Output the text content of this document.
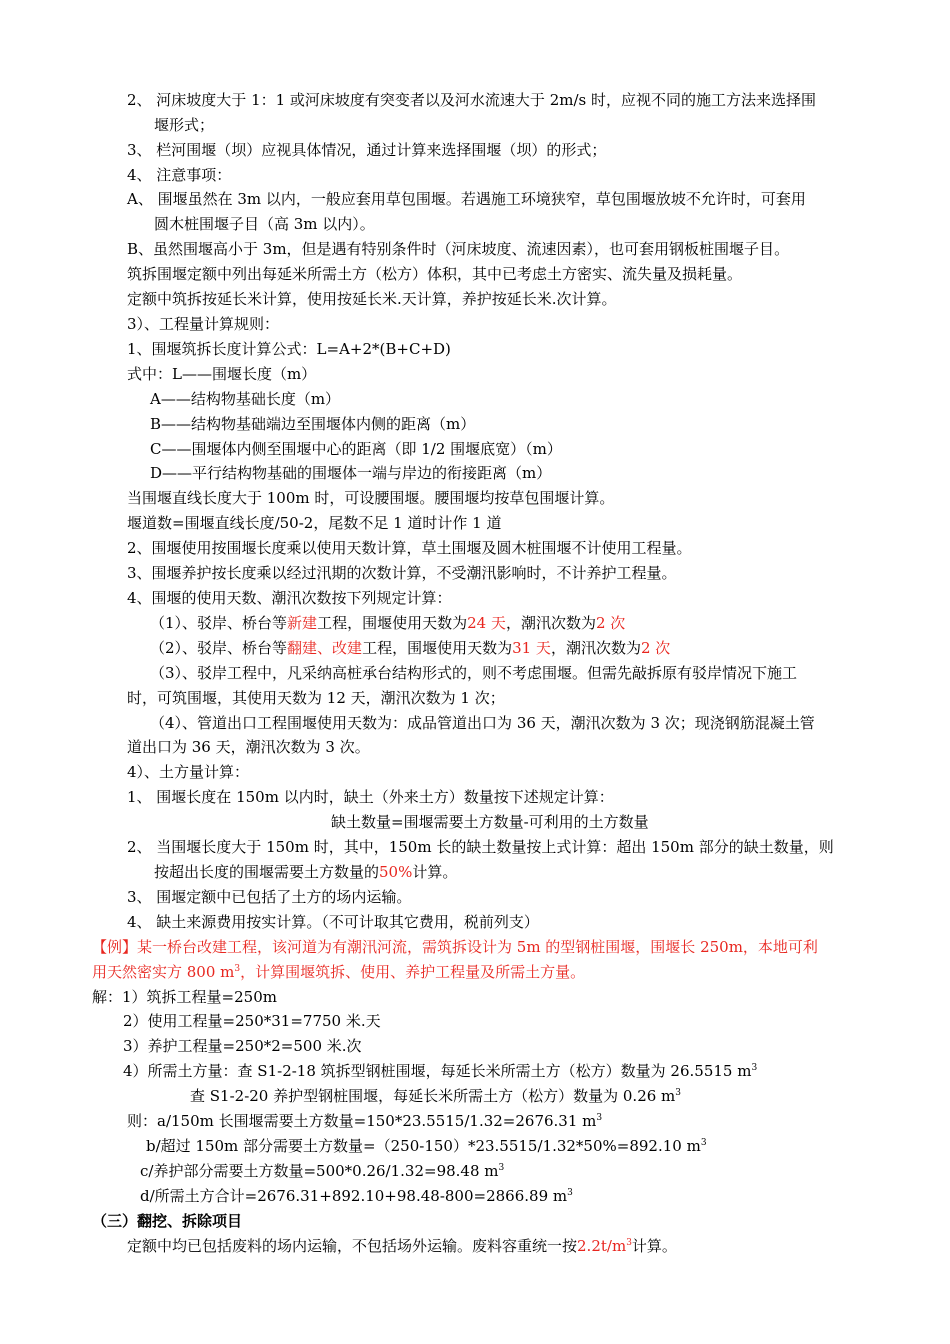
2、 河床坡度大于 1：1 或河床坡度有突变者以及河水流速大于 2m/s 时，应视不同的施工方法来选择围
堰形式；
3、 栏河围堰（坝）应视具体情况，通过计算来选择围堰（坝）的形式；
4、 注意事项：
A、 围堰虽然在 3m 以内，一般应套用草包围堰。若遇施工环境狭窄，草包围堰放坡不允许时，可套用
圆木桩围堰子目（高 3m 以内）。
B、虽然围堰高小于 3m，但是遇有特别条件时（河床坡度、流速因素），也可套用钢板桩围堰子目。
筑拆围堰定额中列出每延米所需土方（松方）体积，其中已考虑土方密实、流失量及损耗量。
定额中筑拆按延长米计算，使用按延长米.天计算，养护按延长米.次计算。
3）、工程量计算规则：
1、围堰筑拆长度计算公式：L=A+2*(B+C+D)
式中：L——围堰长度（m）
A——结构物基础长度（m）
B——结构物基础端边至围堰体内侧的距离（m）
C——围堰体内侧至围堰中心的距离（即 1/2 围堰底宽）（m）
D——平行结构物基础的围堰体一端与岸边的衔接距离（m）
当围堰直线长度大于 100m 时，可设腰围堰。腰围堰均按草包围堰计算。
堰道数=围堰直线长度/50-2，尾数不足 1 道时计作 1 道
2、围堰使用按围堰长度乘以使用天数计算，草土围堰及圆木桩围堰不计使用工程量。
3、围堰养护按长度乘以经过汛期的次数计算，不受潮汛影响时，不计养护工程量。
4、围堰的使用天数、潮汛次数按下列规定计算：
（1）、驳岸、桥台等新建工程，围堰使用天数为24 天，潮汛次数为2 次
（2）、驳岸、桥台等翻建、改建工程，围堰使用天数为31 天，潮汛次数为2 次
（3）、驳岸工程中，凡采纳高桩承台结构形式的，则不考虑围堰。但需先敲拆原有驳岸情况下施工
时，可筑围堰，其使用天数为 12 天，潮汛次数为 1 次；
（4）、管道出口工程围堰使用天数为：成品管道出口为 36 天，潮汛次数为 3 次；现浇钢筋混凝土管
道出口为 36 天，潮汛次数为 3 次。
4）、土方量计算：
1、 围堰长度在 150m 以内时，缺土（外来土方）数量按下述规定计算：
缺土数量=围堰需要土方数量-可利用的土方数量
2、 当围堰长度大于 150m 时，其中，150m 长的缺土数量按上式计算：超出 150m 部分的缺土数量，则
按超出长度的围堰需要土方数量的50%计算。
3、 围堰定额中已包括了土方的场内运输。
4、 缺土来源费用按实计算。（不可计取其它费用，税前列支）
【例】某一桥台改建工程，该河道为有潮汛河流，需筑拆设计为 5m 的型钢桩围堰，围堰长 250m，本地可利
用天然密实方 800 $m^3$，计算围堰筑拆、使用、养护工程量及所需土方量。
解：1）筑拆工程量=250m
2）使用工程量=250*31=7750 米.天
3）养护工程量=250*2=500 米.次
4）所需土方量：查 S1-2-18 筑拆型钢桩围堰，每延长米所需土方（松方）数量为 26.5515 $m^3$
查 S1-2-20 养护型钢桩围堰，每延长米所需土方（松方）数量为 0.26 $m^3$
则：a/150m 长围堰需要土方数量=150*23.5515/1.32=2676.31 $m^3$
b/超过 150m 部分需要土方数量=（250-150）*23.5515/1.32*50%=892.10 $m^3$
c/养护部分需要土方数量=500*0.26/1.32=98.48 $m^3$
d/所需土方合计=2676.31+892.10+98.48-800=2866.89 $m^3$
（三）翻挖、拆除项目
定额中均已包括废料的场内运输，不包括场外运输。废料容重统一按$2.2t/m^3$计算。
